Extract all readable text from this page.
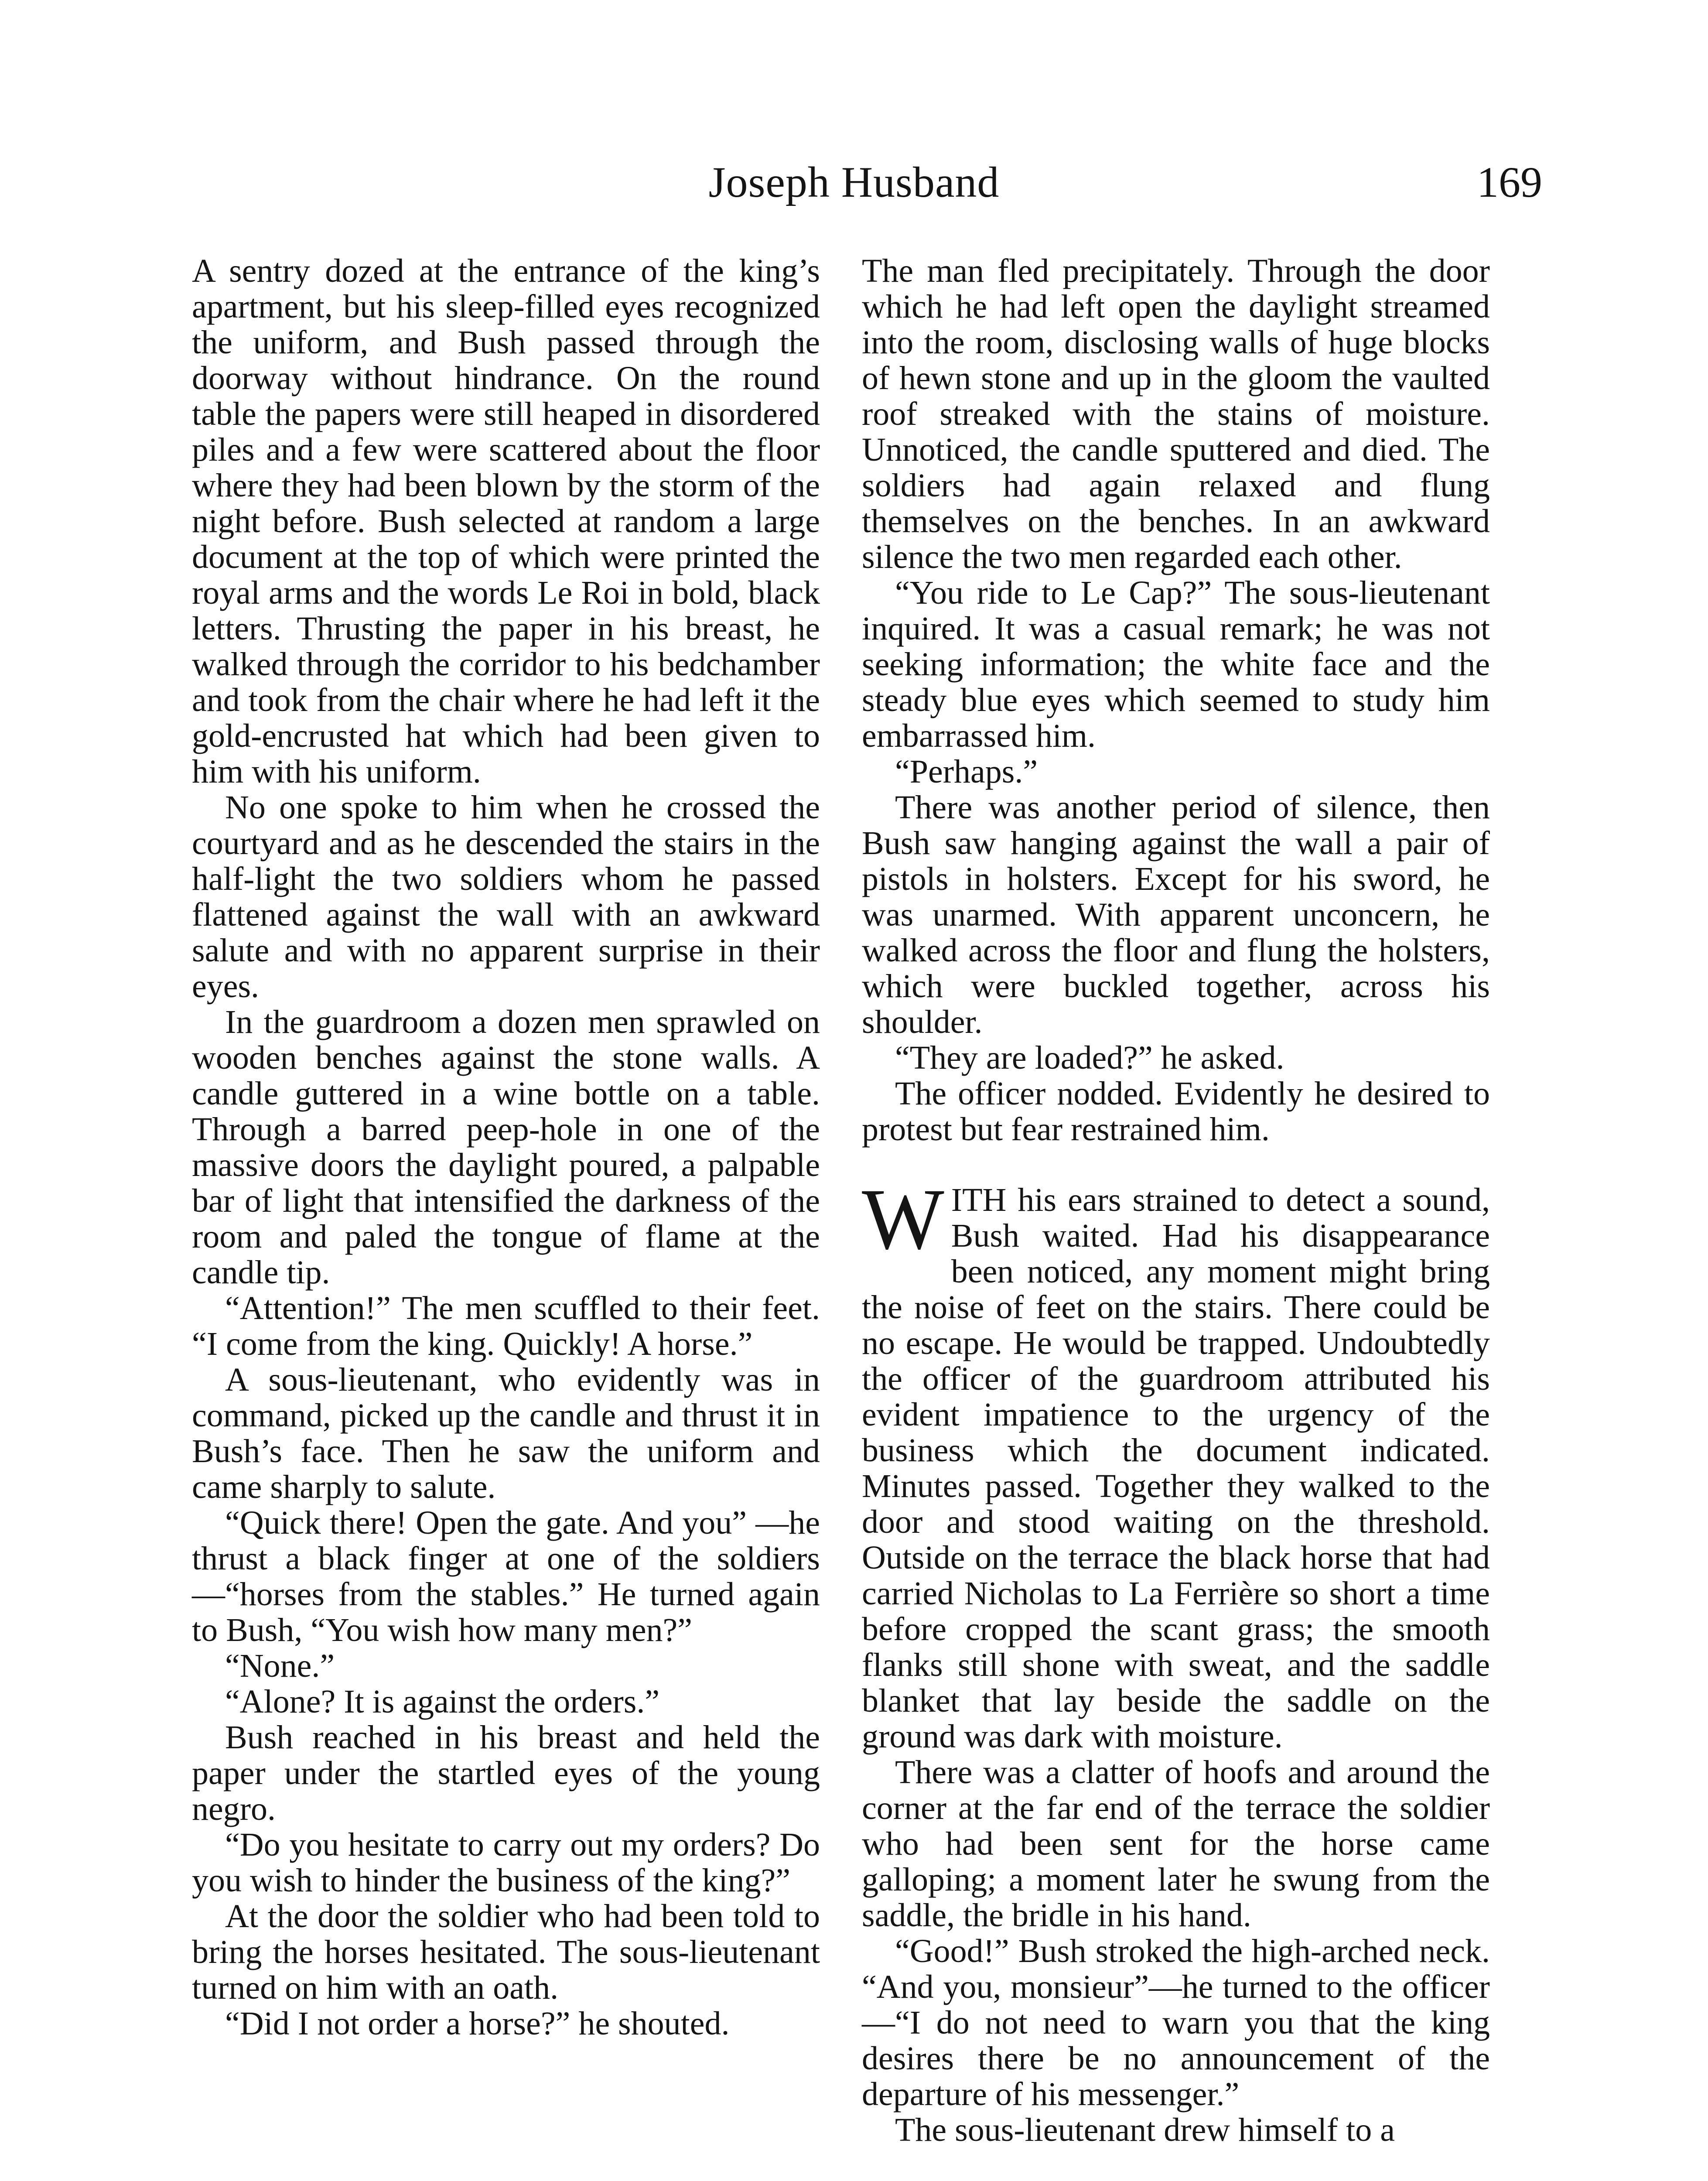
Joseph Husband	169

A sentry dozed at the entrance of the king’s apartment, but his sleep-filled eyes recognized the uniform, and Bush passed through the doorway without hindrance. On the round table the papers were still heaped in disordered piles and a few were scattered about the floor where they had been blown by the storm of the night before. Bush selected at random a large document at the top of which were printed the royal arms and the words Le Roi in bold, black letters. Thrusting the paper in his breast, he walked through the corridor to his bedchamber and took from the chair where he had left it the gold-encrusted hat which had been given to him with his uniform.

No one spoke to him when he crossed the courtyard and as he descended the stairs in the half-light the two soldiers whom he passed flattened against the wall with an awkward salute and with no apparent surprise in their eyes.

In the guardroom a dozen men sprawled on wooden benches against the stone walls. A candle guttered in a wine bottle on a table. Through a barred peep-hole in one of the massive doors the daylight poured, a palpable bar of light that intensified the darkness of the room and paled the tongue of flame at the candle tip.

“Attention!” The men scuffled to their feet. “I come from the king. Quickly! A horse.”

A sous-lieutenant, who evidently was in command, picked up the candle and thrust it in Bush’s face. Then he saw the uniform and came sharply to salute.

“Quick there! Open the gate. And you” —he thrust a black finger at one of the soldiers—“horses from the stables.” He turned again to Bush, “You wish how many men?”

“None.”

“Alone? It is against the orders.”

Bush reached in his breast and held the paper under the startled eyes of the young negro.

“Do you hesitate to carry out my orders? Do you wish to hinder the business of the king?”

At the door the soldier who had been told to bring the horses hesitated. The sous-lieutenant turned on him with an oath.

“Did I not order a horse?” he shouted.

The man fled precipitately. Through the door which he had left open the daylight streamed into the room, disclosing walls of huge blocks of hewn stone and up in the gloom the vaulted roof streaked with the stains of moisture. Unnoticed, the candle sputtered and died. The soldiers had again relaxed and flung themselves on the benches. In an awkward silence the two men regarded each other.

“You ride to Le Cap?” The sous-lieutenant inquired. It was a casual remark; he was not seeking information; the white face and the steady blue eyes which seemed to study him embarrassed him.

“Perhaps.”

There was another period of silence, then Bush saw hanging against the wall a pair of pistols in holsters. Except for his sword, he was unarmed. With apparent unconcern, he walked across the floor and flung the holsters, which were buckled together, across his shoulder.

“They are loaded?” he asked.

The officer nodded. Evidently he desired to protest but fear restrained him.

WITH his ears strained to detect a sound, Bush waited. Had his disappearance been noticed, any moment might bring the noise of feet on the stairs. There could be no escape. He would be trapped. Undoubtedly the officer of the guardroom attributed his evident impatience to the urgency of the business which the document indicated. Minutes passed. Together they walked to the door and stood waiting on the threshold. Outside on the terrace the black horse that had carried Nicholas to La Ferrière so short a time before cropped the scant grass; the smooth flanks still shone with sweat, and the saddle blanket that lay beside the saddle on the ground was dark with moisture.

There was a clatter of hoofs and around the corner at the far end of the terrace the soldier who had been sent for the horse came galloping; a moment later he swung from the saddle, the bridle in his hand.

“Good!” Bush stroked the high-arched neck. “And you, monsieur”—he turned to the officer—“I do not need to warn you that the king desires there be no announcement of the departure of his messenger.”

The sous-lieutenant drew himself to a
